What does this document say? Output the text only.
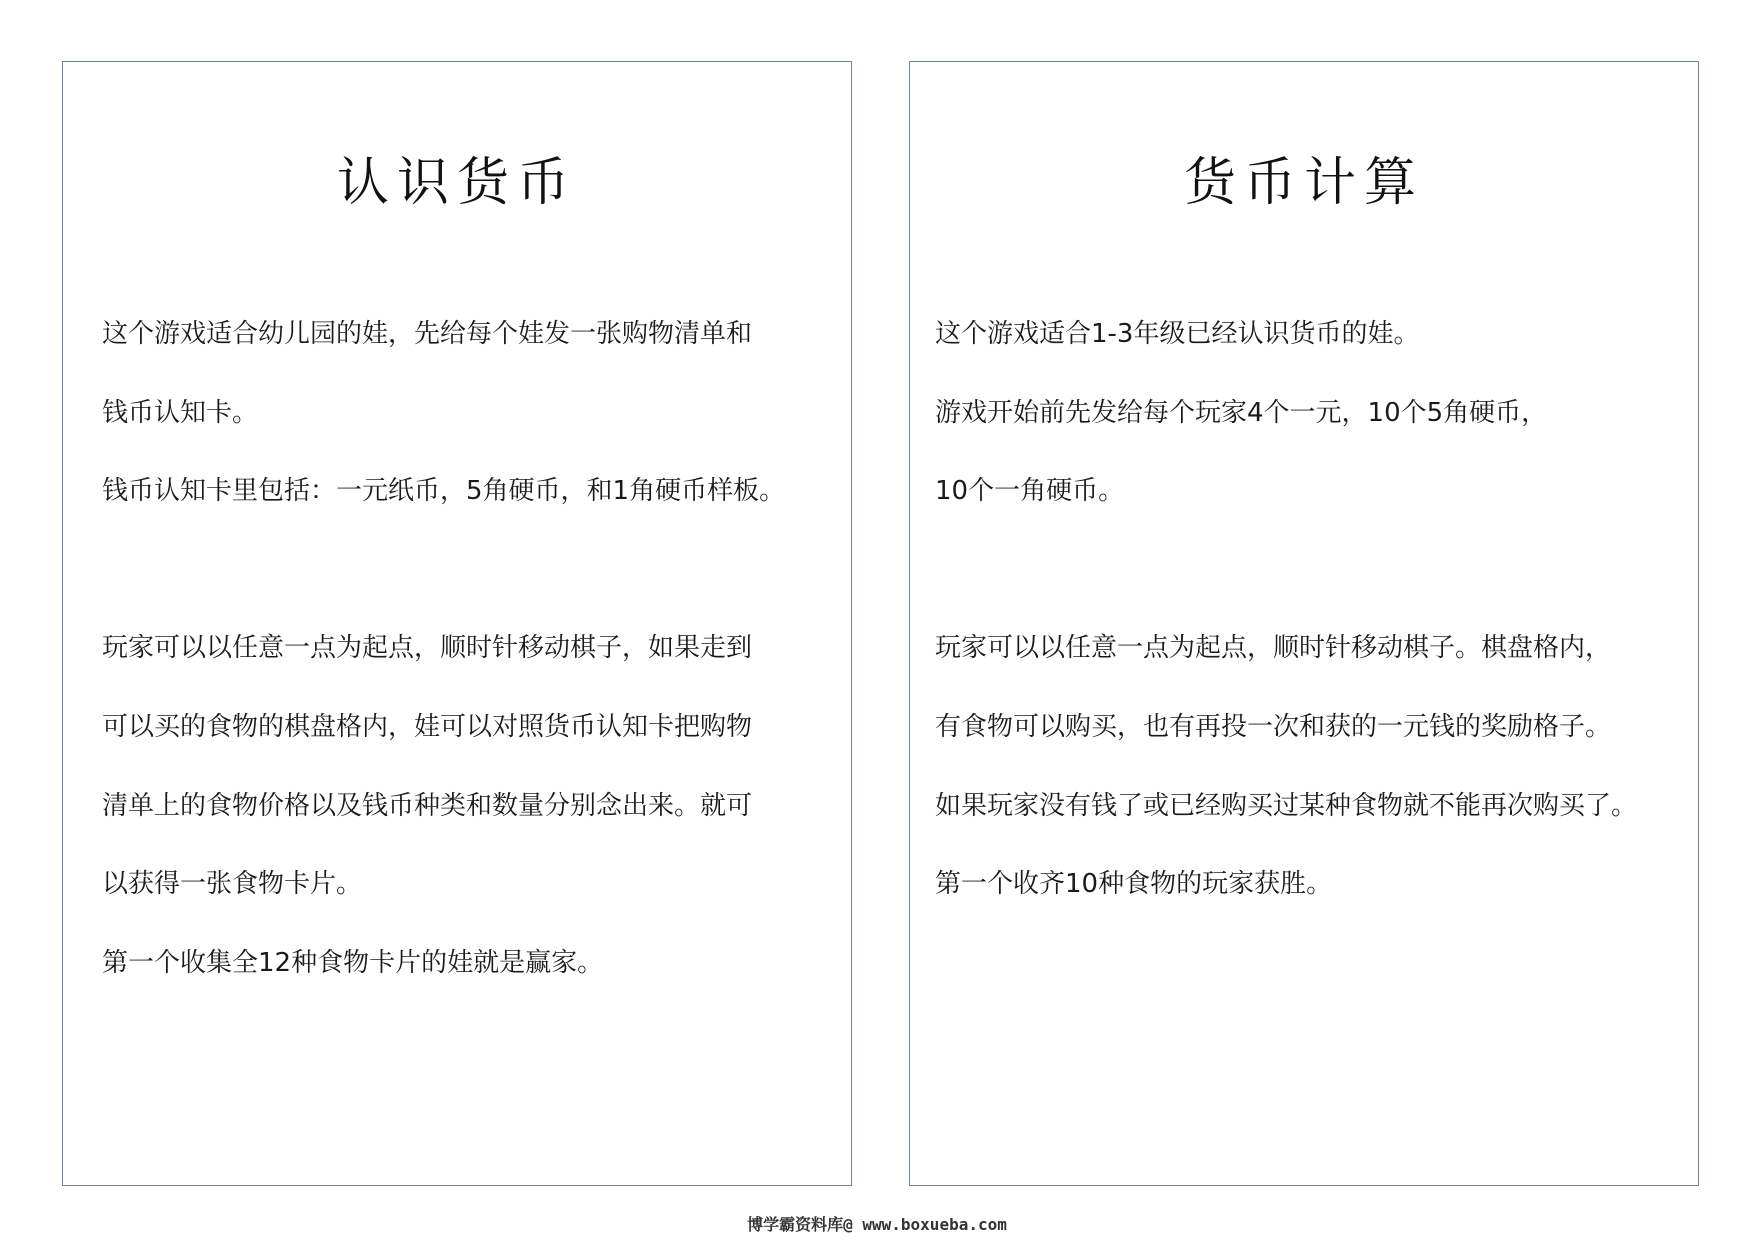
认识货币
这个游戏适合幼儿园的娃，先给每个娃发一张购物清单和
钱币认知卡。
钱币认知卡里包括：一元纸币，5角硬币，和1角硬币样板。
玩家可以以任意一点为起点，顺时针移动棋子，如果走到
可以买的食物的棋盘格内，娃可以对照货币认知卡把购物
清单上的食物价格以及钱币种类和数量分别念出来。就可
以获得一张食物卡片。
第一个收集全12种食物卡片的娃就是赢家。
货币计算
这个游戏适合1-3年级已经认识货币的娃。
游戏开始前先发给每个玩家4个一元，10个5角硬币，
10个一角硬币。
玩家可以以任意一点为起点，顺时针移动棋子。棋盘格内，
有食物可以购买，也有再投一次和获的一元钱的奖励格子。
如果玩家没有钱了或已经购买过某种食物就不能再次购买了。
第一个收齐10种食物的玩家获胜。
博学霸资料库@ www.boxueba.com
